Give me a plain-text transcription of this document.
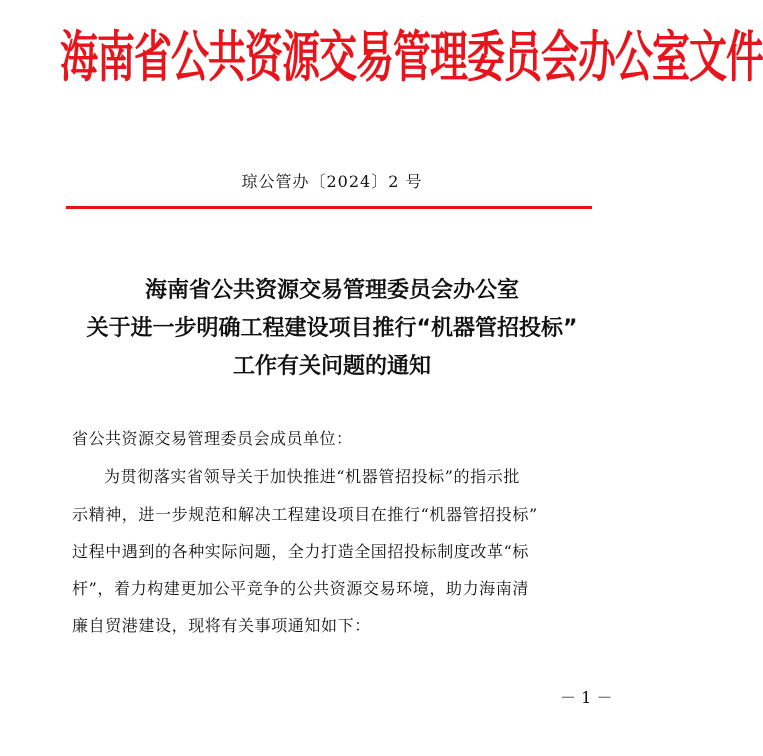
海南省公共资源交易管理委员会办公室文件
琼公管办〔2024〕2 号
海南省公共资源交易管理委员会办公室
关于进一步明确工程建设项目推行“机器管招投标”
工作有关问题的通知
省公共资源交易管理委员会成员单位：
为贯彻落实省领导关于加快推进“机器管招投标”的指示批
示精神，进一步规范和解决工程建设项目在推行“机器管招投标”
过程中遇到的各种实际问题，全力打造全国招投标制度改革“标
杆”，着力构建更加公平竞争的公共资源交易环境，助力海南清
廉自贸港建设，现将有关事项通知如下：
－ 1 －
